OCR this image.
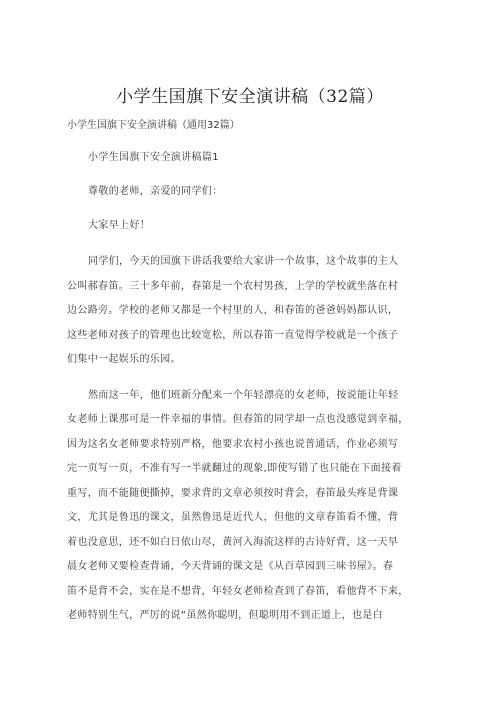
小学生国旗下安全演讲稿（32篇）
小学生国旗下安全演讲稿（通用32篇）
小学生国旗下安全演讲稿篇1
尊敬的老师，亲爱的同学们：
大家早上好！
同学们，今天的国旗下讲话我要给大家讲一个故事，这个故事的主人
公叫郝春笛。三十多年前，春第是一个农村男孩，上学的学校就坐落在村
边公路旁。学校的老师又都是一个村里的人，和春笛的爸爸妈妈都认识，
这些老师对孩子的管理也比较宽松，所以春笛一直觉得学校就是一个孩子
们集中一起娱乐的乐园。
然而这一年，他们班新分配来一个年轻漂亮的女老师，按说能让年轻
女老师上课那可是一件幸福的事情。但春笛的同学却一点也没感觉到幸福，
因为这名女老师要求特别严格，他要求农村小孩也说普通话，作业必须写
完一页写一页，不准有写一半就翻过的现象,即使写错了也只能在下面接着
重写，而不能随便撕掉，要求背的文章必须按时背会，春笛最头疼是背课
文，尤其是鲁迅的课文，虽然鲁迅是近代人，但他的文章春笛看不懂，背
着也没意思，还不如白日依山尽，黄河入海流这样的古诗好背，这一天早
晨女老师又要检查背诵，今天背诵的课文是《从百草园到三味书屋》。春
笛不是背不会，实在是不想背，年轻女老师检查到了春笛，看他背不下来，
老师特别生气，严厉的说“虽然你聪明，但聪明用不到正道上，也是白
